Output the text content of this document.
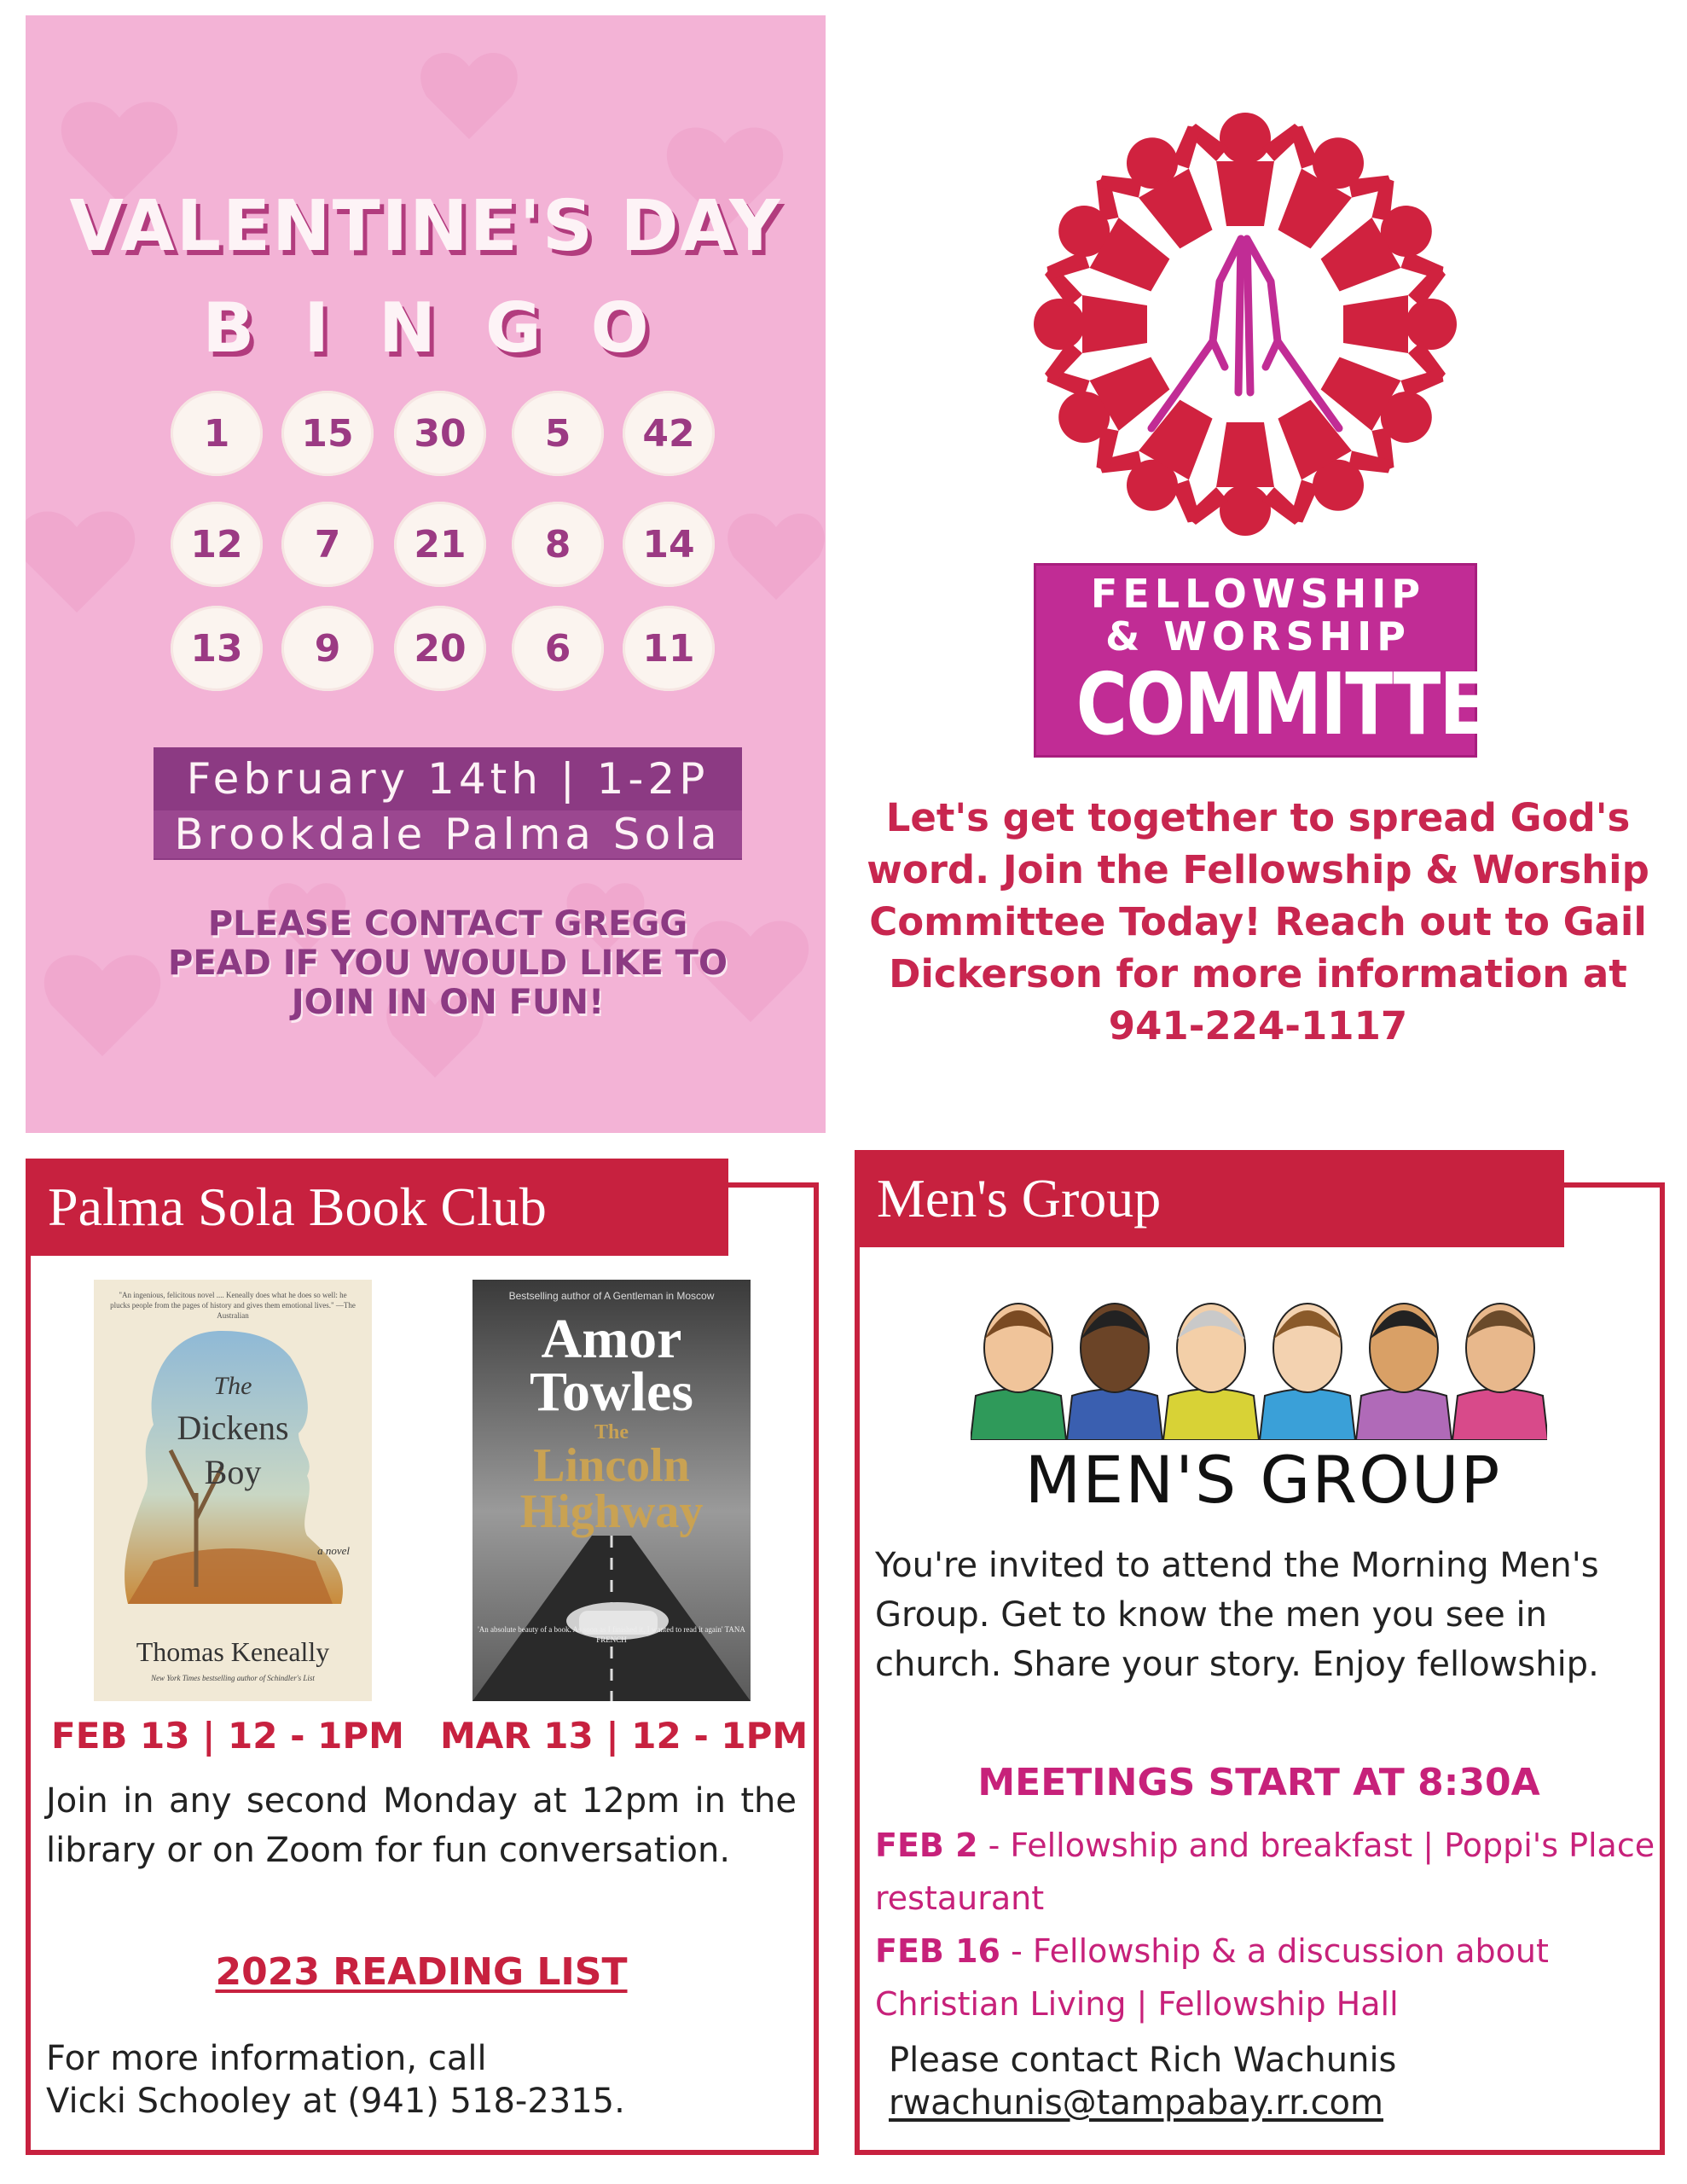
VALENTINE'S DAY
BINGO
1	15	30	5	42
12	7	21	8	14
13	9	20	6	11
February 14th | 1-2P
Brookdale Palma Sola
PLEASE CONTACT GREGG PEAD IF YOU WOULD LIKE TO JOIN IN ON FUN!
FELLOWSHIP
& WORSHIP
COMMITTEE
Let's get together to spread God's word. Join the Fellowship & Worship Committee Today! Reach out to Gail Dickerson for more information at 941-224-1117
Palma Sola Book Club
"An ingenious, felicitous novel .... Keneally does what he does so well: he plucks people from the pages of history and gives them emotional lives." —The Australian
The
Dickens
Boy
a novel
Thomas Keneally
New York Times bestselling author of Schindler's List
Bestselling author of A Gentleman in Moscow
Amor
Towles
The
Lincoln
Highway
'An absolute beauty of a book. As soon as I finished it, I wanted to read it again' TANA FRENCH
FEB 13 | 12 - 1PM MAR 13 | 12 - 1PM
Join in any second Monday at 12pm in the library or on Zoom for fun conversation.
2023 READING LIST
For more information, call
Vicki Schooley at (941) 518-2315.
Men's Group
MEN'S GROUP
You're invited to attend the Morning Men's Group. Get to know the men you see in church. Share your story. Enjoy fellowship.
MEETINGS START AT 8:30A
FEB 2 - Fellowship and breakfast | Poppi's Place restaurant
FEB 16 - Fellowship & a discussion about Christian Living | Fellowship Hall
Please contact Rich Wachunis
rwachunis@tampabay.rr.com
